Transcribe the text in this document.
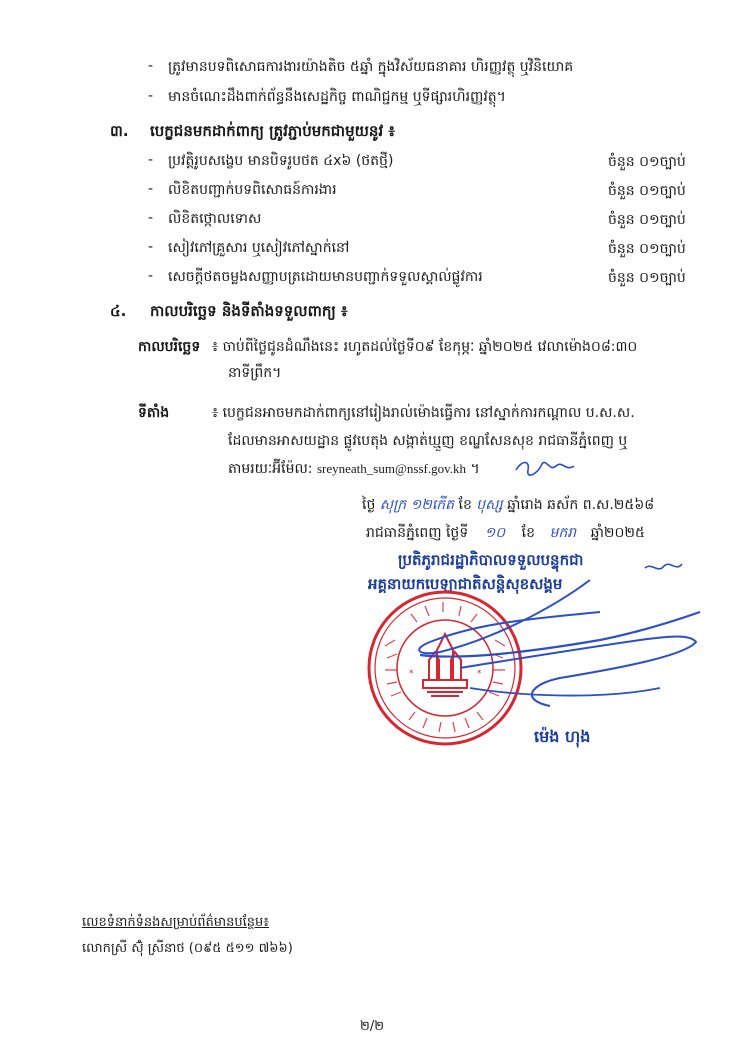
- ត្រូវមានបទពិសោធការងារយ៉ាងតិច ៥ឆ្នាំ ក្នុងវិស័យធនាគារ ហិរញ្ញវត្ថុ ឬវិនិយោគ
- មានចំណេះដឹងពាក់ព័ន្ធនឹងសេដ្ឋកិច្ច ពាណិជ្ជកម្ម ឬទីផ្សារហិរញ្ញវត្ថុ។
៣. បេក្ខជនមកដាក់ពាក្យ ត្រូវភ្ជាប់មកជាមួយនូវ ៖
- ប្រវត្តិរូបសង្ខេប មានបិទរូបថត ៤x៦ (ថតថ្មី)	ចំនួន ០១ច្បាប់
- លិខិតបញ្ជាក់បទពិសោធន៍ការងារ	ចំនួន ០១ច្បាប់
- លិខិតថ្កោលទោស	ចំនួន ០១ច្បាប់
- សៀវភៅគ្រួសារ ឬសៀវភៅស្នាក់នៅ	ចំនួន ០១ច្បាប់
- សេចក្តីថតចម្លងសញ្ញាបត្រដោយមានបញ្ជាក់ទទួលស្គាល់ផ្លូវការ	ចំនួន ០១ច្បាប់
៤. កាលបរិច្ឆេទ និងទីតាំងទទួលពាក្យ ៖
កាលបរិច្ឆេទ ៖ ចាប់ពីថ្ងៃជូនដំណឹងនេះ រហូតដល់ថ្ងៃទី០៩ ខែកុម្ភៈ ឆ្នាំ២០២៥ វេលាម៉ោង០៨:៣០
នាទីព្រឹក។
ទីតាំង	៖ បេក្ខជនអាចមកដាក់ពាក្យនៅរៀងរាល់ម៉ោងធ្វើការ នៅស្នាក់ការកណ្តាល ប.ស.ស.
ដែលមានអាសយដ្ឋាន ផ្លូវបេតុង សង្កាត់ឃ្មួញ ខណ្ឌសែនសុខ រាជធានីភ្នំពេញ ឬ
តាមរយៈអ៊ីម៉ែល: sreyneath_sum@nssf.gov.kh ។
ថ្ងៃ សុក្រ ១២កើត ខែ បុស្ស ឆ្នាំរោង ឆស័ក ព.ស.២៥៦៨
រាជធានីភ្នំពេញ ថ្ងៃទី ១០ ខែ មករា ឆ្នាំ២០២៥
ប្រតិភូរាជរដ្ឋាភិបាលទទួលបន្ទុកជា
អគ្គនាយកបេឡាជាតិសន្តិសុខសង្គម
*	*
ម៉េង ហុង
លេខទំនាក់ទំនងសម្រាប់ព័ត៌មានបន្ថែម៖
លោកស្រី ស៊ុំ ស្រីនាថ (០៩៥ ៥១១ ៧៦៦)
២/២
